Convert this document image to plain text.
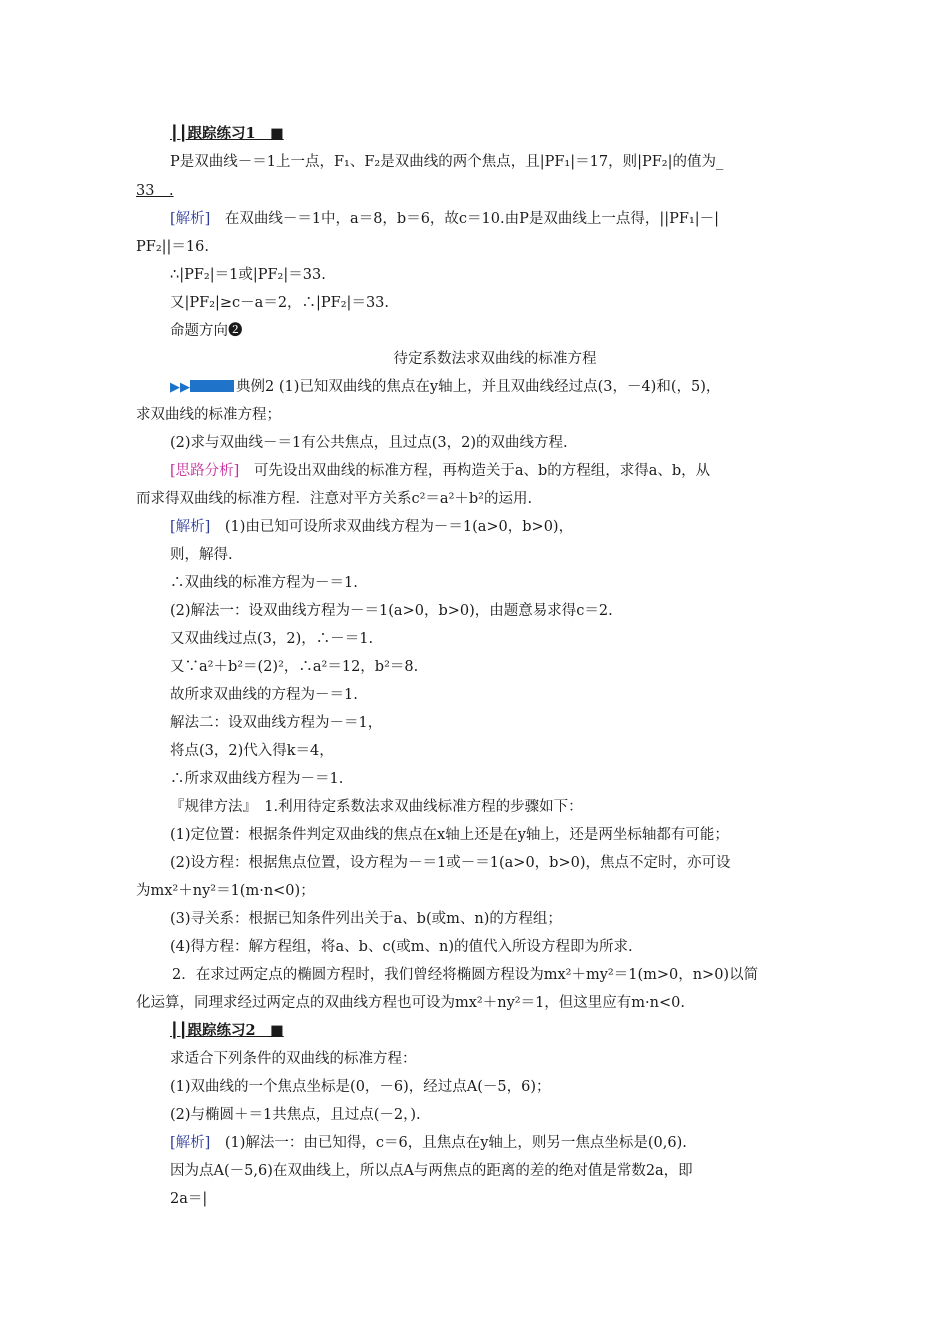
┃┃跟踪练习1　■
P是双曲线－＝1上一点，F₁、F₂是双曲线的两个焦点，且|PF₁|＝17，则|PF₂|的值为_
33　.
[解析]　在双曲线－＝1中，a＝8，b＝6，故c＝10.由P是双曲线上一点得，||PF₁|－|
PF₂||＝16.
∴|PF₂|＝1或|PF₂|＝33.
又|PF₂|≥c－a＝2，∴|PF₂|＝33.
命题方向❷
待定系数法求双曲线的标准方程
▶▶	典例2 (1)已知双曲线的焦点在y轴上，并且双曲线经过点(3，－4)和(，5)，
求双曲线的标准方程；
(2)求与双曲线－＝1有公共焦点，且过点(3，2)的双曲线方程.
[思路分析]　可先设出双曲线的标准方程，再构造关于a、b的方程组，求得a、b，从
而求得双曲线的标准方程．注意对平方关系c²＝a²＋b²的运用.
[解析]　(1)由已知可设所求双曲线方程为－＝1(a>0，b>0)，
则，解得.
∴双曲线的标准方程为－＝1.
(2)解法一：设双曲线方程为－＝1(a>0，b>0)，由题意易求得c＝2.
又双曲线过点(3，2)，∴－＝1.
又∵a²＋b²＝(2)²，∴a²＝12，b²＝8.
故所求双曲线的方程为－＝1.
解法二：设双曲线方程为－＝1，
将点(3，2)代入得k＝4，
∴所求双曲线方程为－＝1.
『规律方法』　1.利用待定系数法求双曲线标准方程的步骤如下：
(1)定位置：根据条件判定双曲线的焦点在x轴上还是在y轴上，还是两坐标轴都有可能；
(2)设方程：根据焦点位置，设方程为－＝1或－＝1(a>0，b>0)，焦点不定时，亦可设
为mx²＋ny²＝1(m·n<0)；
(3)寻关系：根据已知条件列出关于a、b(或m、n)的方程组；
(4)得方程：解方程组，将a、b、c(或m、n)的值代入所设方程即为所求.
2．在求过两定点的椭圆方程时，我们曾经将椭圆方程设为mx²＋my²＝1(m>0，n>0)以简
化运算，同理求经过两定点的双曲线方程也可设为mx²＋ny²＝1，但这里应有m·n<0.
┃┃跟踪练习2　■
求适合下列条件的双曲线的标准方程：
(1)双曲线的一个焦点坐标是(0，－6)，经过点A(－5，6)；
(2)与椭圆＋＝1共焦点，且过点(－2，).
[解析]　(1)解法一：由已知得，c＝6，且焦点在y轴上，则另一焦点坐标是(0,6).
因为点A(－5,6)在双曲线上，所以点A与两焦点的距离的差的绝对值是常数2a，即
2a＝|
